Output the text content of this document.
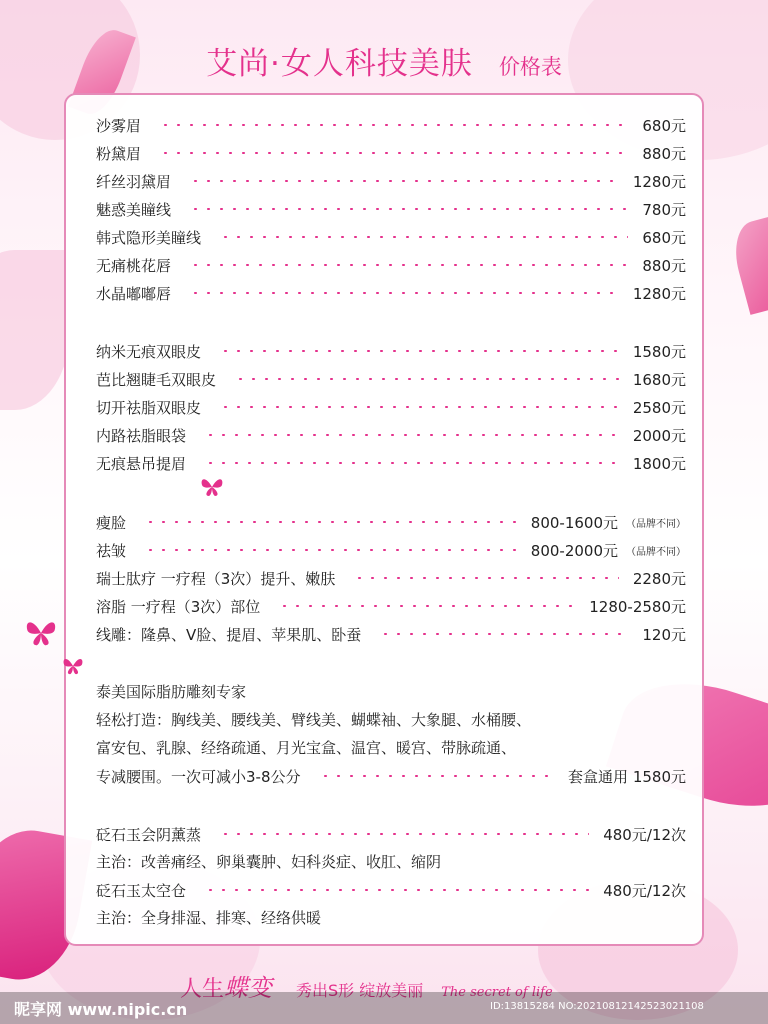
艾尚·女人科技美肤 价格表
沙雾眉	680元
粉黛眉	880元
纤丝羽黛眉	1280元
魅惑美瞳线	780元
韩式隐形美瞳线	680元
无痛桃花唇	880元
水晶嘟嘟唇	1280元
纳米无痕双眼皮	1580元
芭比翘睫毛双眼皮	1680元
切开祛脂双眼皮	2580元
内路祛脂眼袋	2000元
无痕悬吊提眉	1800元
瘦脸	800-1600元 （品牌不同）
祛皱	800-2000元 （品牌不同）
瑞士肽疗 一疗程（3次）提升、嫩肤	2280元
溶脂 一疗程（3次）部位	1280-2580元
线雕：隆鼻、V脸、提眉、苹果肌、卧蚕	120元
泰美国际脂肪雕刻专家
轻松打造：胸线美、腰线美、臂线美、蝴蝶袖、大象腿、水桶腰、
富安包、乳腺、经络疏通、月光宝盒、温宫、暖宫、带脉疏通、
专减腰围。一次可减小3-8公分	套盒通用 1580元
砭石玉会阴薰蒸	480元/12次
主治：改善痛经、卵巢囊肿、妇科炎症、收肛、缩阴
砭石玉太空仓	480元/12次
主治：全身排湿、排寒、经络供暖
人生 蝶变 秀出S形 绽放美丽 The secret of life
昵享网 www.nipic.cn	ID:13815284 NO:20210812142523021108
